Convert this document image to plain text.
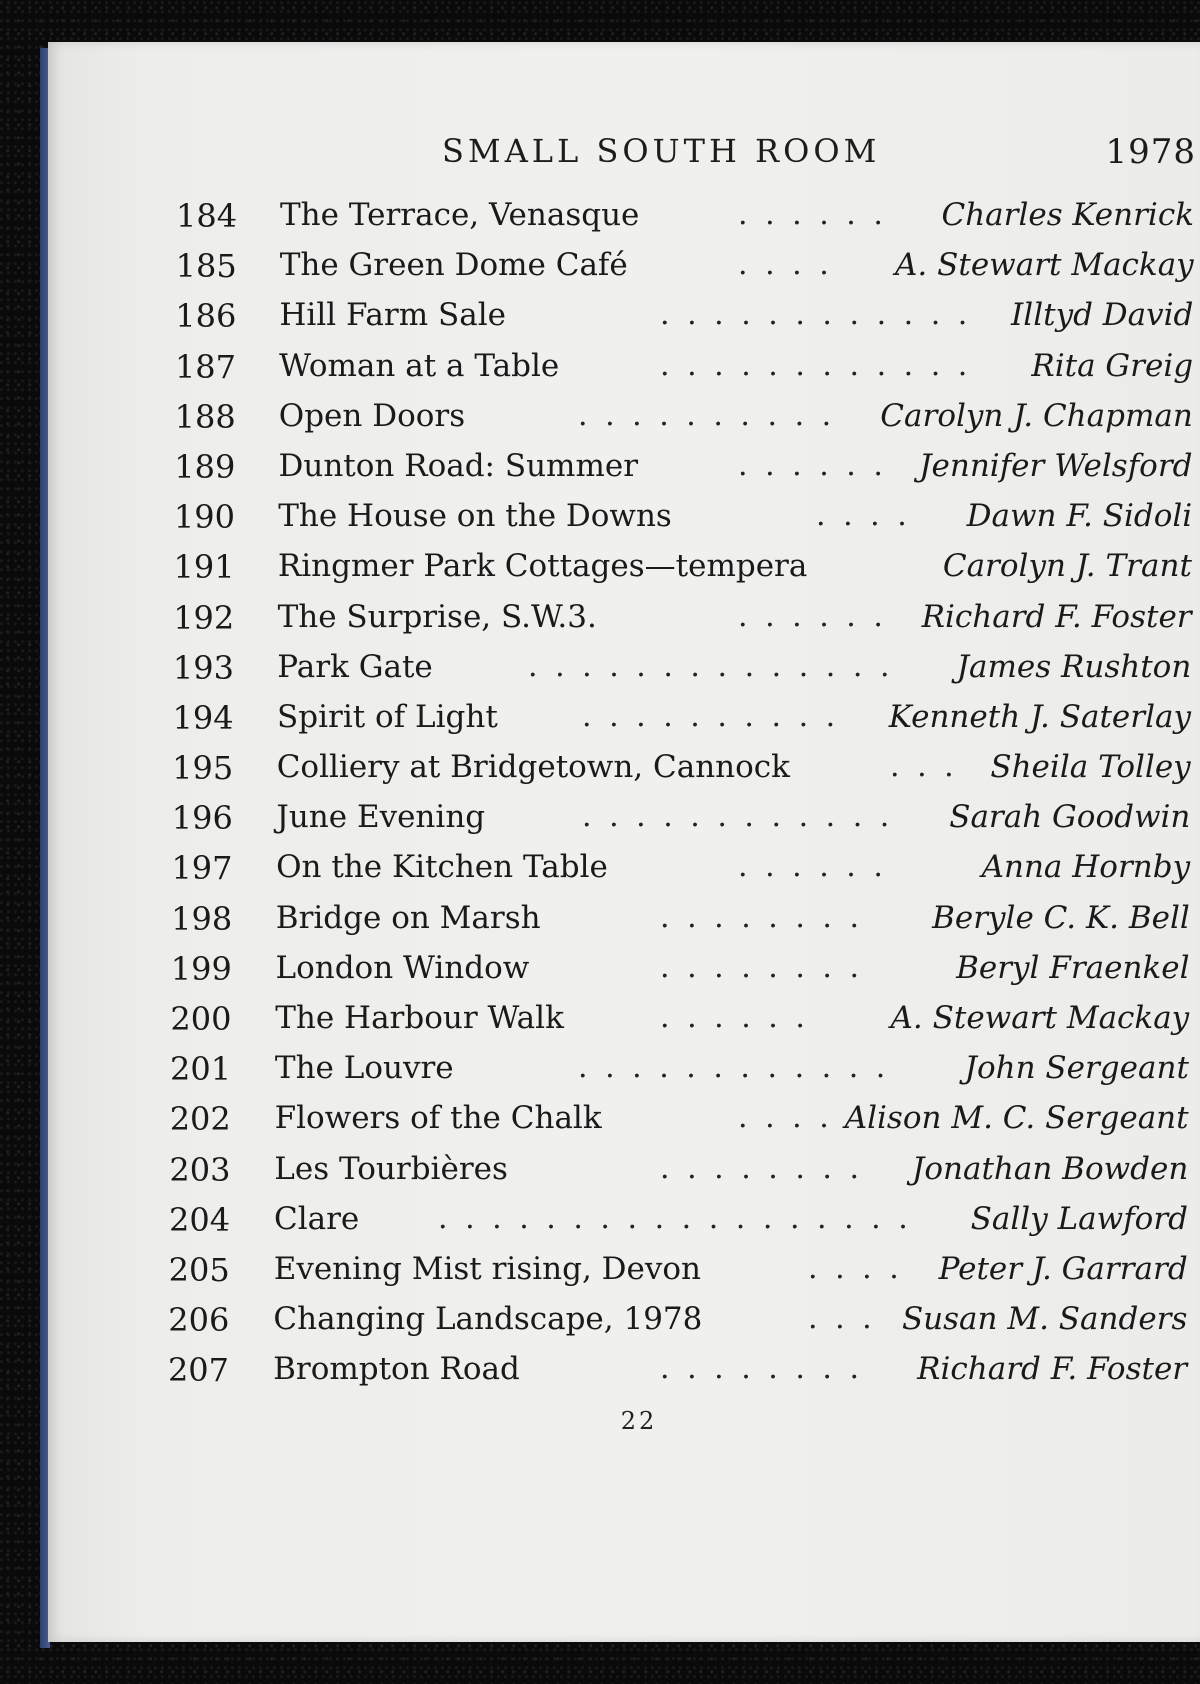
SMALL SOUTH ROOM	1978
184 The Terrace, Venasque	. . . . . . Charles Kenrick
185 The Green Dome Café	. . . . A. Stewart Mackay
186 Hill Farm Sale	. . . . . . . . . . . . Illtyd David
187 Woman at a Table	. . . . . . . . . . . . Rita Greig
188 Open Doors	. . . . . . . . . . Carolyn J. Chapman
189 Dunton Road: Summer	. . . . . . Jennifer Welsford
190 The House on the Downs	. . . . Dawn F. Sidoli
191 Ringmer Park Cottages—tempera	Carolyn J. Trant
192 The Surprise, S.W.3.	. . . . . . Richard F. Foster
193 Park Gate	. . . . . . . . . . . . . . James Rushton
194 Spirit of Light	. . . . . . . . . . Kenneth J. Saterlay
195 Colliery at Bridgetown, Cannock	. . . Sheila Tolley
196 June Evening	. . . . . . . . . . . . Sarah Goodwin
197 On the Kitchen Table	. . . . . .	Anna Hornby
198 Bridge on Marsh	. . . . . . . . Beryle C. K. Bell
199 London Window	. . . . . . . .	Beryl Fraenkel
200 The Harbour Walk	. . . . . .	A. Stewart Mackay
201 The Louvre	. . . . . . . . . . . . John Sergeant
202 Flowers of the Chalk	. . . . Alison M. C. Sergeant
203 Les Tourbières	. . . . . . . . Jonathan Bowden
204 Clare	. . . . . . . . . . . . . . . . . . Sally Lawford
205 Evening Mist rising, Devon	. . . . Peter J. Garrard
206 Changing Landscape, 1978	. . . Susan M. Sanders
207 Brompton Road	. . . . . . . . Richard F. Foster
22
